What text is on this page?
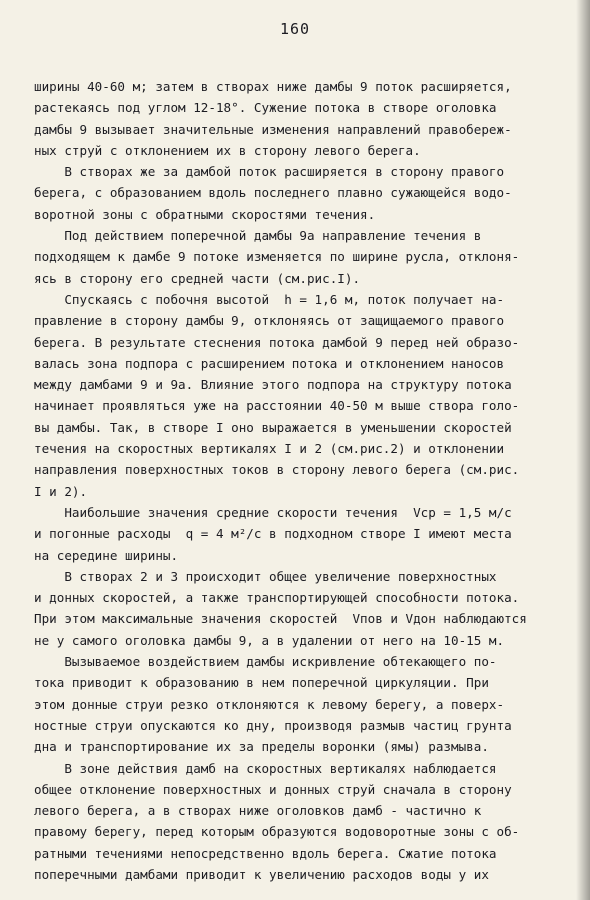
160
ширины 40-60 м; затем в створах ниже дамбы 9 поток расширяется,
растекаясь под углом 12-18°. Сужение потока в створе оголовка
дамбы 9 вызывает значительные изменения направлений правобереж-
ных струй с отклонением их в сторону левого берега.
В створах же за дамбой поток расширяется в сторону правого
берега, с образованием вдоль последнего плавно сужающейся водо-
воротной зоны с обратными скоростями течения.
Под действием поперечной дамбы 9а направление течения в
подходящем к дамбе 9 потоке изменяется по ширине русла, отклоня-
ясь в сторону его средней части (см.рис.I).
Спускаясь с побочня высотой  h = 1,6 м, поток получает на-
правление в сторону дамбы 9, отклоняясь от защищаемого правого
берега. В результате стеснения потока дамбой 9 перед ней образо-
валась зона подпора с расширением потока и отклонением наносов
между дамбами 9 и 9а. Влияние этого подпора на структуру потока
начинает проявляться уже на расстоянии 40-50 м выше створа голо-
вы дамбы. Так, в створе I оно выражается в уменьшении скоростей
течения на скоростных вертикалях I и 2 (см.рис.2) и отклонении
направления поверхностных токов в сторону левого берега (см.рис.
I и 2).
Наибольшие значения средние скорости течения  Vср = 1,5 м/с
и погонные расходы  q = 4 м²/с в подходном створе I имеют места
на середине ширины.
В створах 2 и 3 происходит общее увеличение поверхностных
и донных скоростей, а также транспортирующей способности потока.
При этом максимальные значения скоростей  Vпов и Vдон наблюдаются
не у самого оголовка дамбы 9, а в удалении от него на 10-15 м.
Вызываемое воздействием дамбы искривление обтекающего по-
тока приводит к образованию в нем поперечной циркуляции. При
этом донные струи резко отклоняются к левому берегу, а поверх-
ностные струи опускаются ко дну, производя размыв частиц грунта
дна и транспортирование их за пределы воронки (ямы) размыва.
В зоне действия дамб на скоростных вертикалях наблюдается
общее отклонение поверхностных и донных струй сначала в сторону
левого берега, а в створах ниже оголовков дамб - частично к
правому берегу, перед которым образуются водоворотные зоны с об-
ратными течениями непосредственно вдоль берега. Сжатие потока
поперечными дамбами приводит к увеличению расходов воды у их
